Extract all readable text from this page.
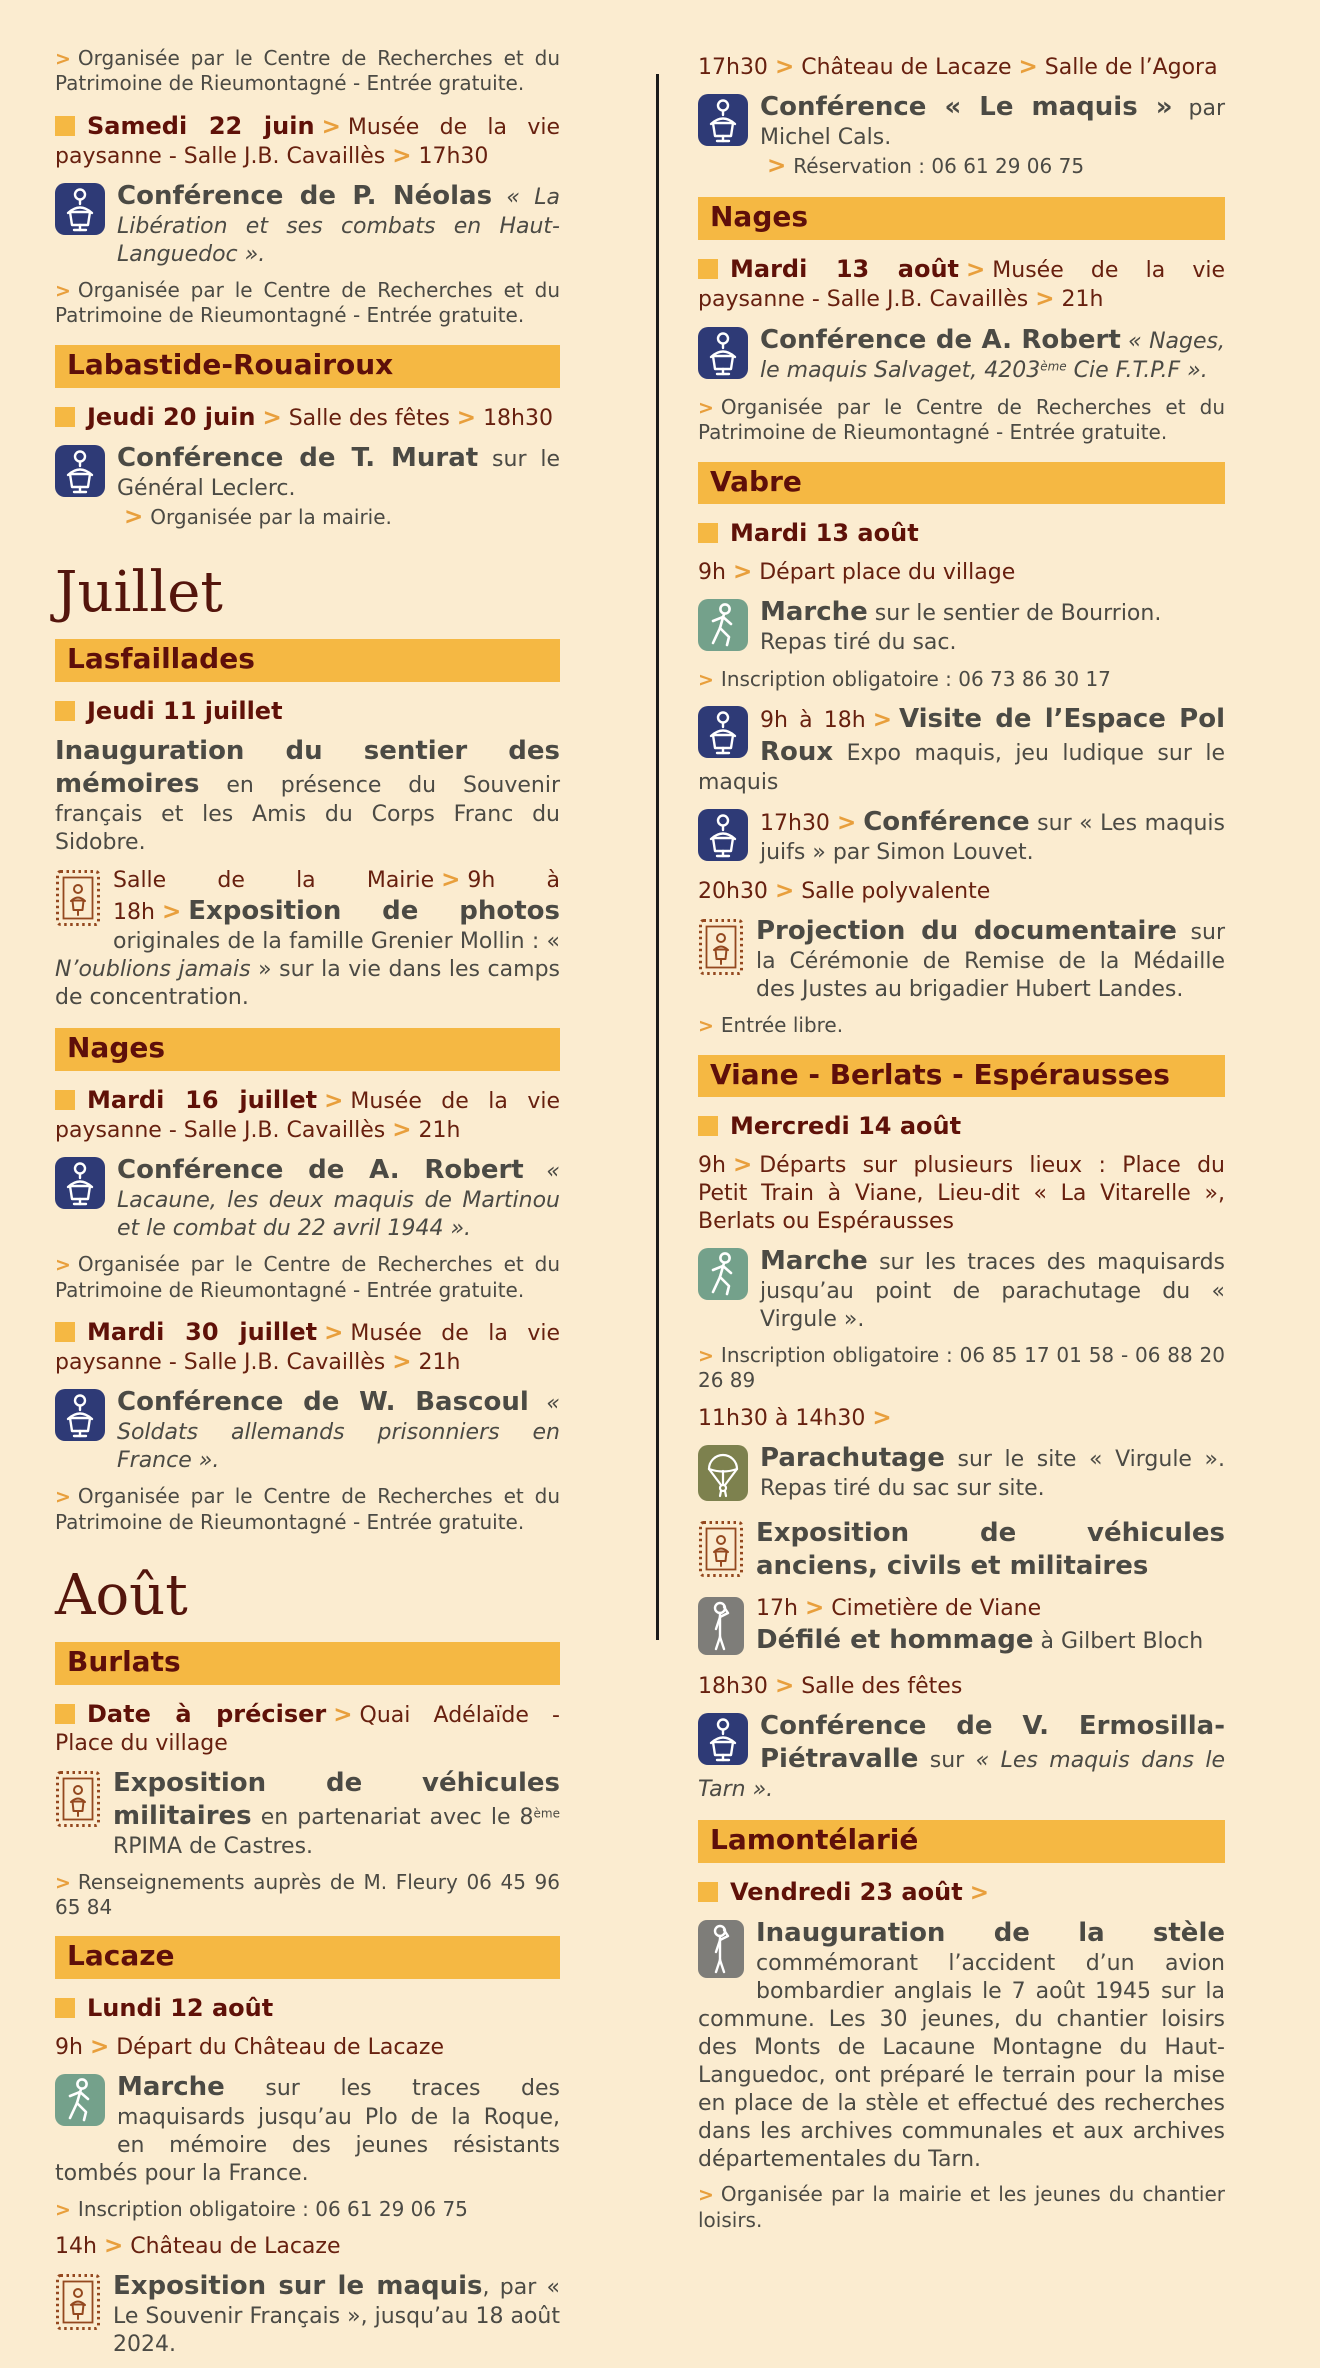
> Organisée par le Centre de Recherches et du Patrimoine de Rieumontagné - Entrée gratuite.
Samedi 22 juin > Musée de la vie paysanne - Salle J.B. Cavaillès > 17h30
Conférence de P. Néolas « La Libération et ses combats en Haut-Languedoc ».
> Organisée par le Centre de Recherches et du Patrimoine de Rieumontagné - Entrée gratuite.
Labastide-Rouairoux
Jeudi 20 juin > Salle des fêtes > 18h30
Conférence de T. Murat sur le Général Leclerc.
> Organisée par la mairie.
Juillet
Lasfaillades
Jeudi 11 juillet
Inauguration du sentier des mémoires en présence du Souvenir français et les Amis du Corps Franc du Sidobre.
Salle de la Mairie > 9h à 18h > Exposition de photos originales de la famille Grenier Mollin : « N’oublions jamais » sur la vie dans les camps de concentration.
Nages
Mardi 16 juillet > Musée de la vie paysanne - Salle J.B. Cavaillès > 21h
Conférence de A. Robert « Lacaune, les deux maquis de Martinou et le combat du 22 avril 1944 ».
> Organisée par le Centre de Recherches et du Patrimoine de Rieumontagné - Entrée gratuite.
Mardi 30 juillet > Musée de la vie paysanne - Salle J.B. Cavaillès > 21h
Conférence de W. Bascoul « Soldats allemands prisonniers en France ».
> Organisée par le Centre de Recherches et du Patrimoine de Rieumontagné - Entrée gratuite.
Août
Burlats
Date à préciser > Quai Adélaïde - Place du village
Exposition de véhicules militaires en partenariat avec le 8ème RPIMA de Castres.
> Renseignements auprès de M. Fleury 06 45 96 65 84
Lacaze
Lundi 12 août
9h > Départ du Château de Lacaze
Marche sur les traces des maquisards jusqu’au Plo de la Roque, en mémoire des jeunes résistants tombés pour la France.
> Inscription obligatoire : 06 61 29 06 75
14h > Château de Lacaze
Exposition sur le maquis, par « Le Souvenir Français », jusqu’au 18 août 2024.
17h30 > Château de Lacaze > Salle de l’Agora
Conférence « Le maquis » par Michel Cals.
> Réservation : 06 61 29 06 75
Nages
Mardi 13 août > Musée de la vie paysanne - Salle J.B. Cavaillès > 21h
Conférence de A. Robert « Nages, le maquis Salvaget, 4203ème Cie F.T.P.F ».
> Organisée par le Centre de Recherches et du Patrimoine de Rieumontagné - Entrée gratuite.
Vabre
Mardi 13 août
9h > Départ place du village
Marche sur le sentier de Bourrion.
Repas tiré du sac.
> Inscription obligatoire : 06 73 86 30 17
9h à 18h > Visite de l’Espace Pol Roux Expo maquis, jeu ludique sur le maquis
17h30 > Conférence sur « Les maquis juifs » par Simon Louvet.
20h30 > Salle polyvalente
Projection du documentaire sur la Cérémonie de Remise de la Médaille des Justes au brigadier Hubert Landes.
> Entrée libre.
Viane - Berlats - Espérausses
Mercredi 14 août
9h > Départs sur plusieurs lieux : Place du Petit Train à Viane, Lieu-dit « La Vitarelle », Berlats ou Espérausses
Marche sur les traces des maquisards jusqu’au point de parachutage du « Virgule ».
> Inscription obligatoire : 06 85 17 01 58 - 06 88 20 26 89
11h30 à 14h30 >
Parachutage sur le site « Virgule ». Repas tiré du sac sur site.
Exposition de véhicules anciens, civils et militaires
17h > Cimetière de Viane
Défilé et hommage à Gilbert Bloch
18h30 > Salle des fêtes
Conférence de V. Ermosilla-Piétravalle sur « Les maquis dans le Tarn ».
Lamontélarié
Vendredi 23 août >
Inauguration de la stèle commémorant l’accident d’un avion bombardier anglais le 7 août 1945 sur la commune. Les 30 jeunes, du chantier loisirs des Monts de Lacaune Montagne du Haut-Languedoc, ont préparé le terrain pour la mise en place de la stèle et effectué des recherches dans les archives communales et aux archives départementales du Tarn.
> Organisée par la mairie et les jeunes du chantier loisirs.
